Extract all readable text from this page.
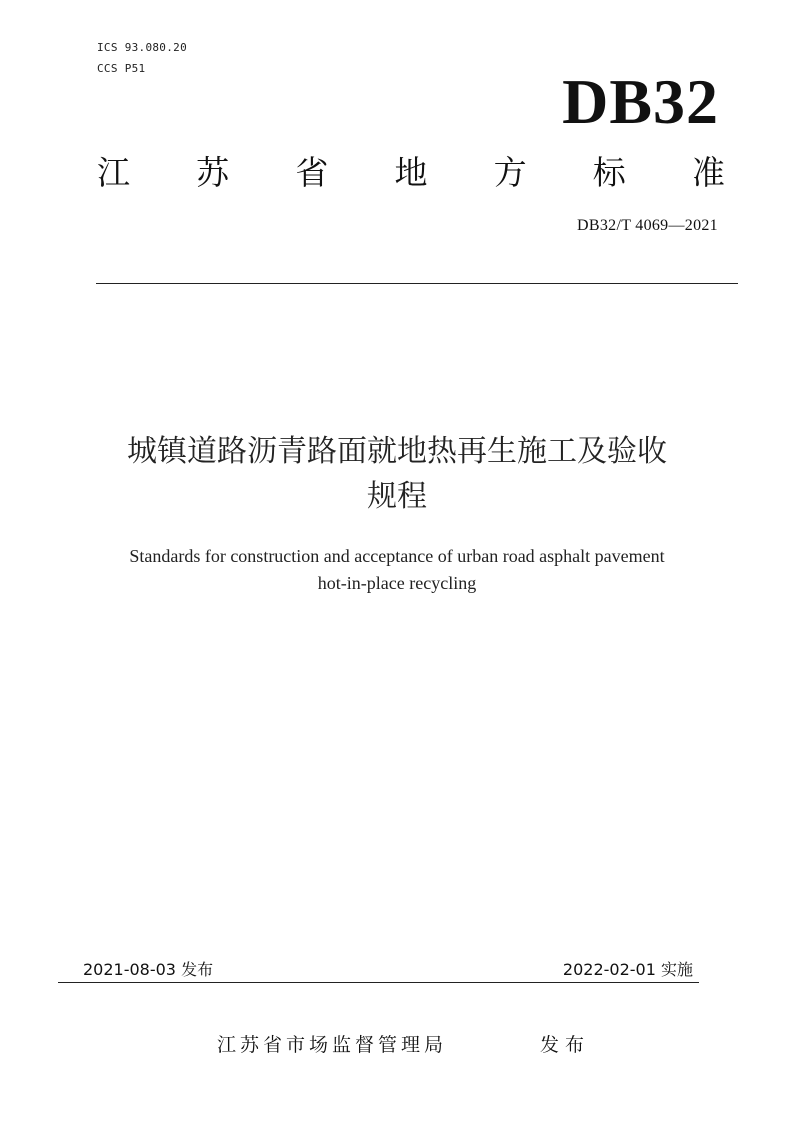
ICS 93.080.20
CCS P51	DB32
江 苏 省 地 方 标 准
DB32/T 4069—2021
城镇道路沥青路面就地热再生施工及验收
规程
Standards for construction and acceptance of urban road asphalt pavement
hot-in-place recycling
2021-08-03 发布	2022-02-01 实施
江苏省市场监督管理局	发布
